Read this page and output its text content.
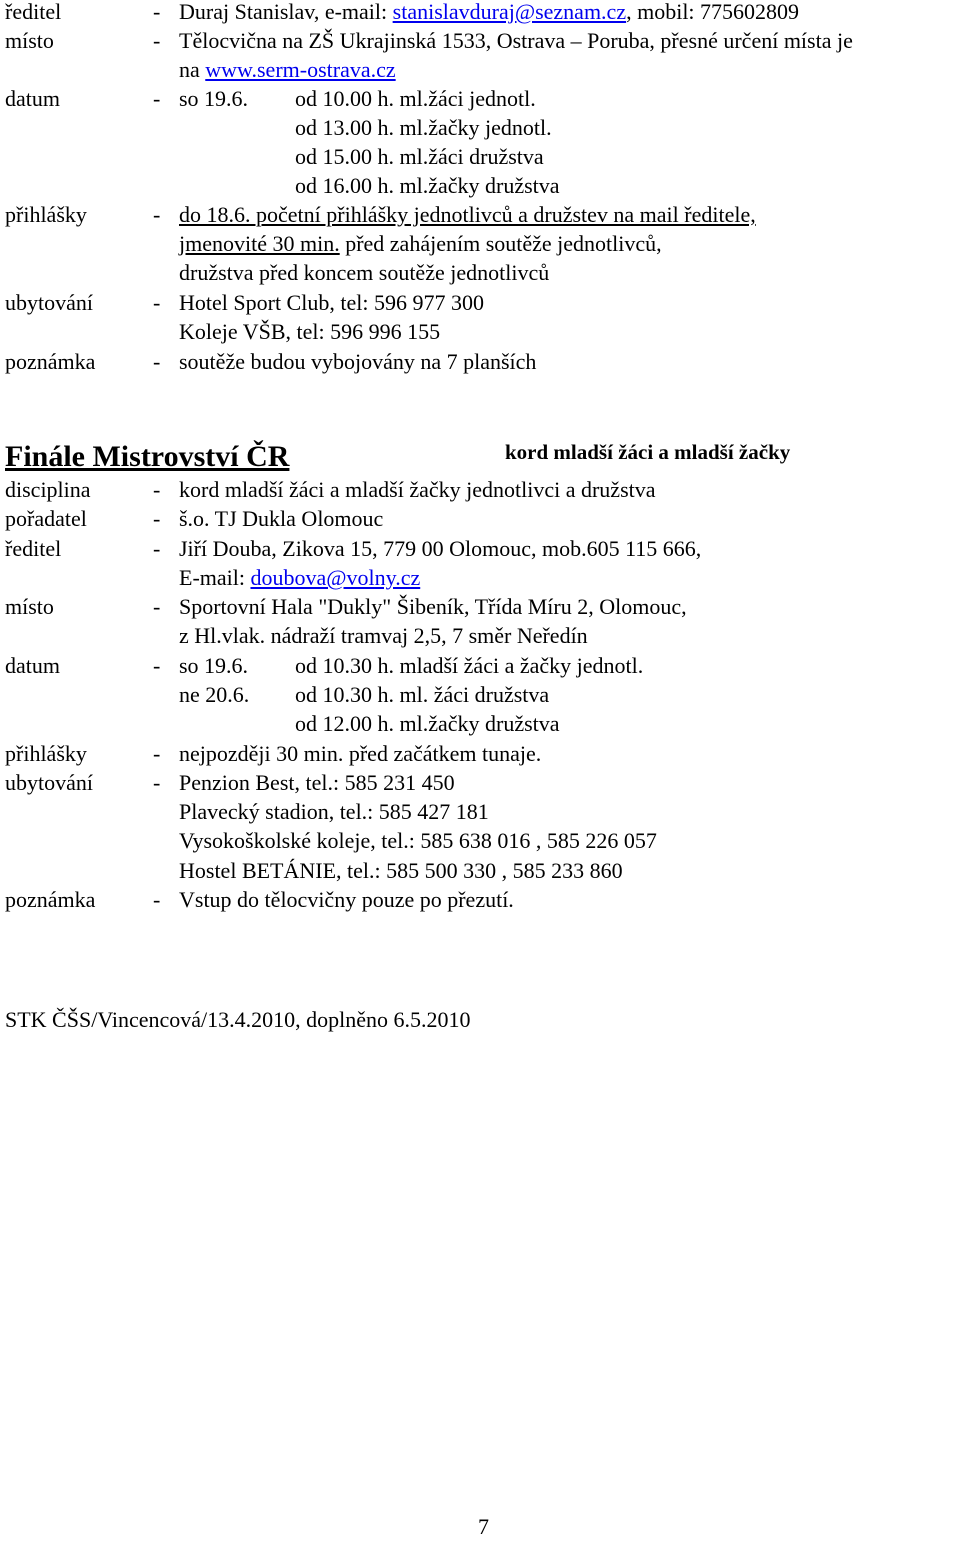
ředitel	- Duraj Stanislav, e-mail: stanislavduraj@seznam.cz, mobil: 775602809
místo	- Tělocvična na ZŠ Ukrajinská 1533, Ostrava – Poruba, přesné určení místa je
na www.serm-ostrava.cz
datum	- so 19.6. od 10.00 h. ml.žáci jednotl.
od 13.00 h. ml.žačky jednotl.
od 15.00 h. ml.žáci družstva
od 16.00 h. ml.žačky družstva
přihlášky	- do 18.6. početní přihlášky jednotlivců a družstev na mail ředitele,
jmenovité 30 min. před zahájením soutěže jednotlivců,
družstva před koncem soutěže jednotlivců
ubytování	- Hotel Sport Club, tel: 596 977 300
Koleje VŠB, tel: 596 996 155
poznámka	- soutěže budou vybojovány na 7 planších
Finále Mistrovství ČR	kord mladší žáci a mladší žačky
disciplina	- kord mladší žáci a mladší žačky jednotlivci a družstva
pořadatel	- š.o. TJ Dukla Olomouc
ředitel	- Jiří Douba, Zikova 15, 779 00 Olomouc, mob.605 115 666,
E-mail: doubova@volny.cz
místo	- Sportovní Hala "Dukly" Šibeník, Třída Míru 2, Olomouc,
z Hl.vlak. nádraží tramvaj 2,5, 7 směr Neředín
datum	- so 19.6. od 10.30 h. mladší žáci a žačky jednotl.
ne 20.6. od 10.30 h. ml. žáci družstva
od 12.00 h. ml.žačky družstva
přihlášky	- nejpozději 30 min. před začátkem tunaje.
ubytování	- Penzion Best, tel.: 585 231 450
Plavecký stadion, tel.: 585 427 181
Vysokoškolské koleje, tel.: 585 638 016 , 585 226 057
Hostel BETÁNIE, tel.: 585 500 330 , 585 233 860
poznámka	- Vstup do tělocvičny pouze po přezutí.
STK ČŠS/Vincencová/13.4.2010, doplněno 6.5.2010
7
